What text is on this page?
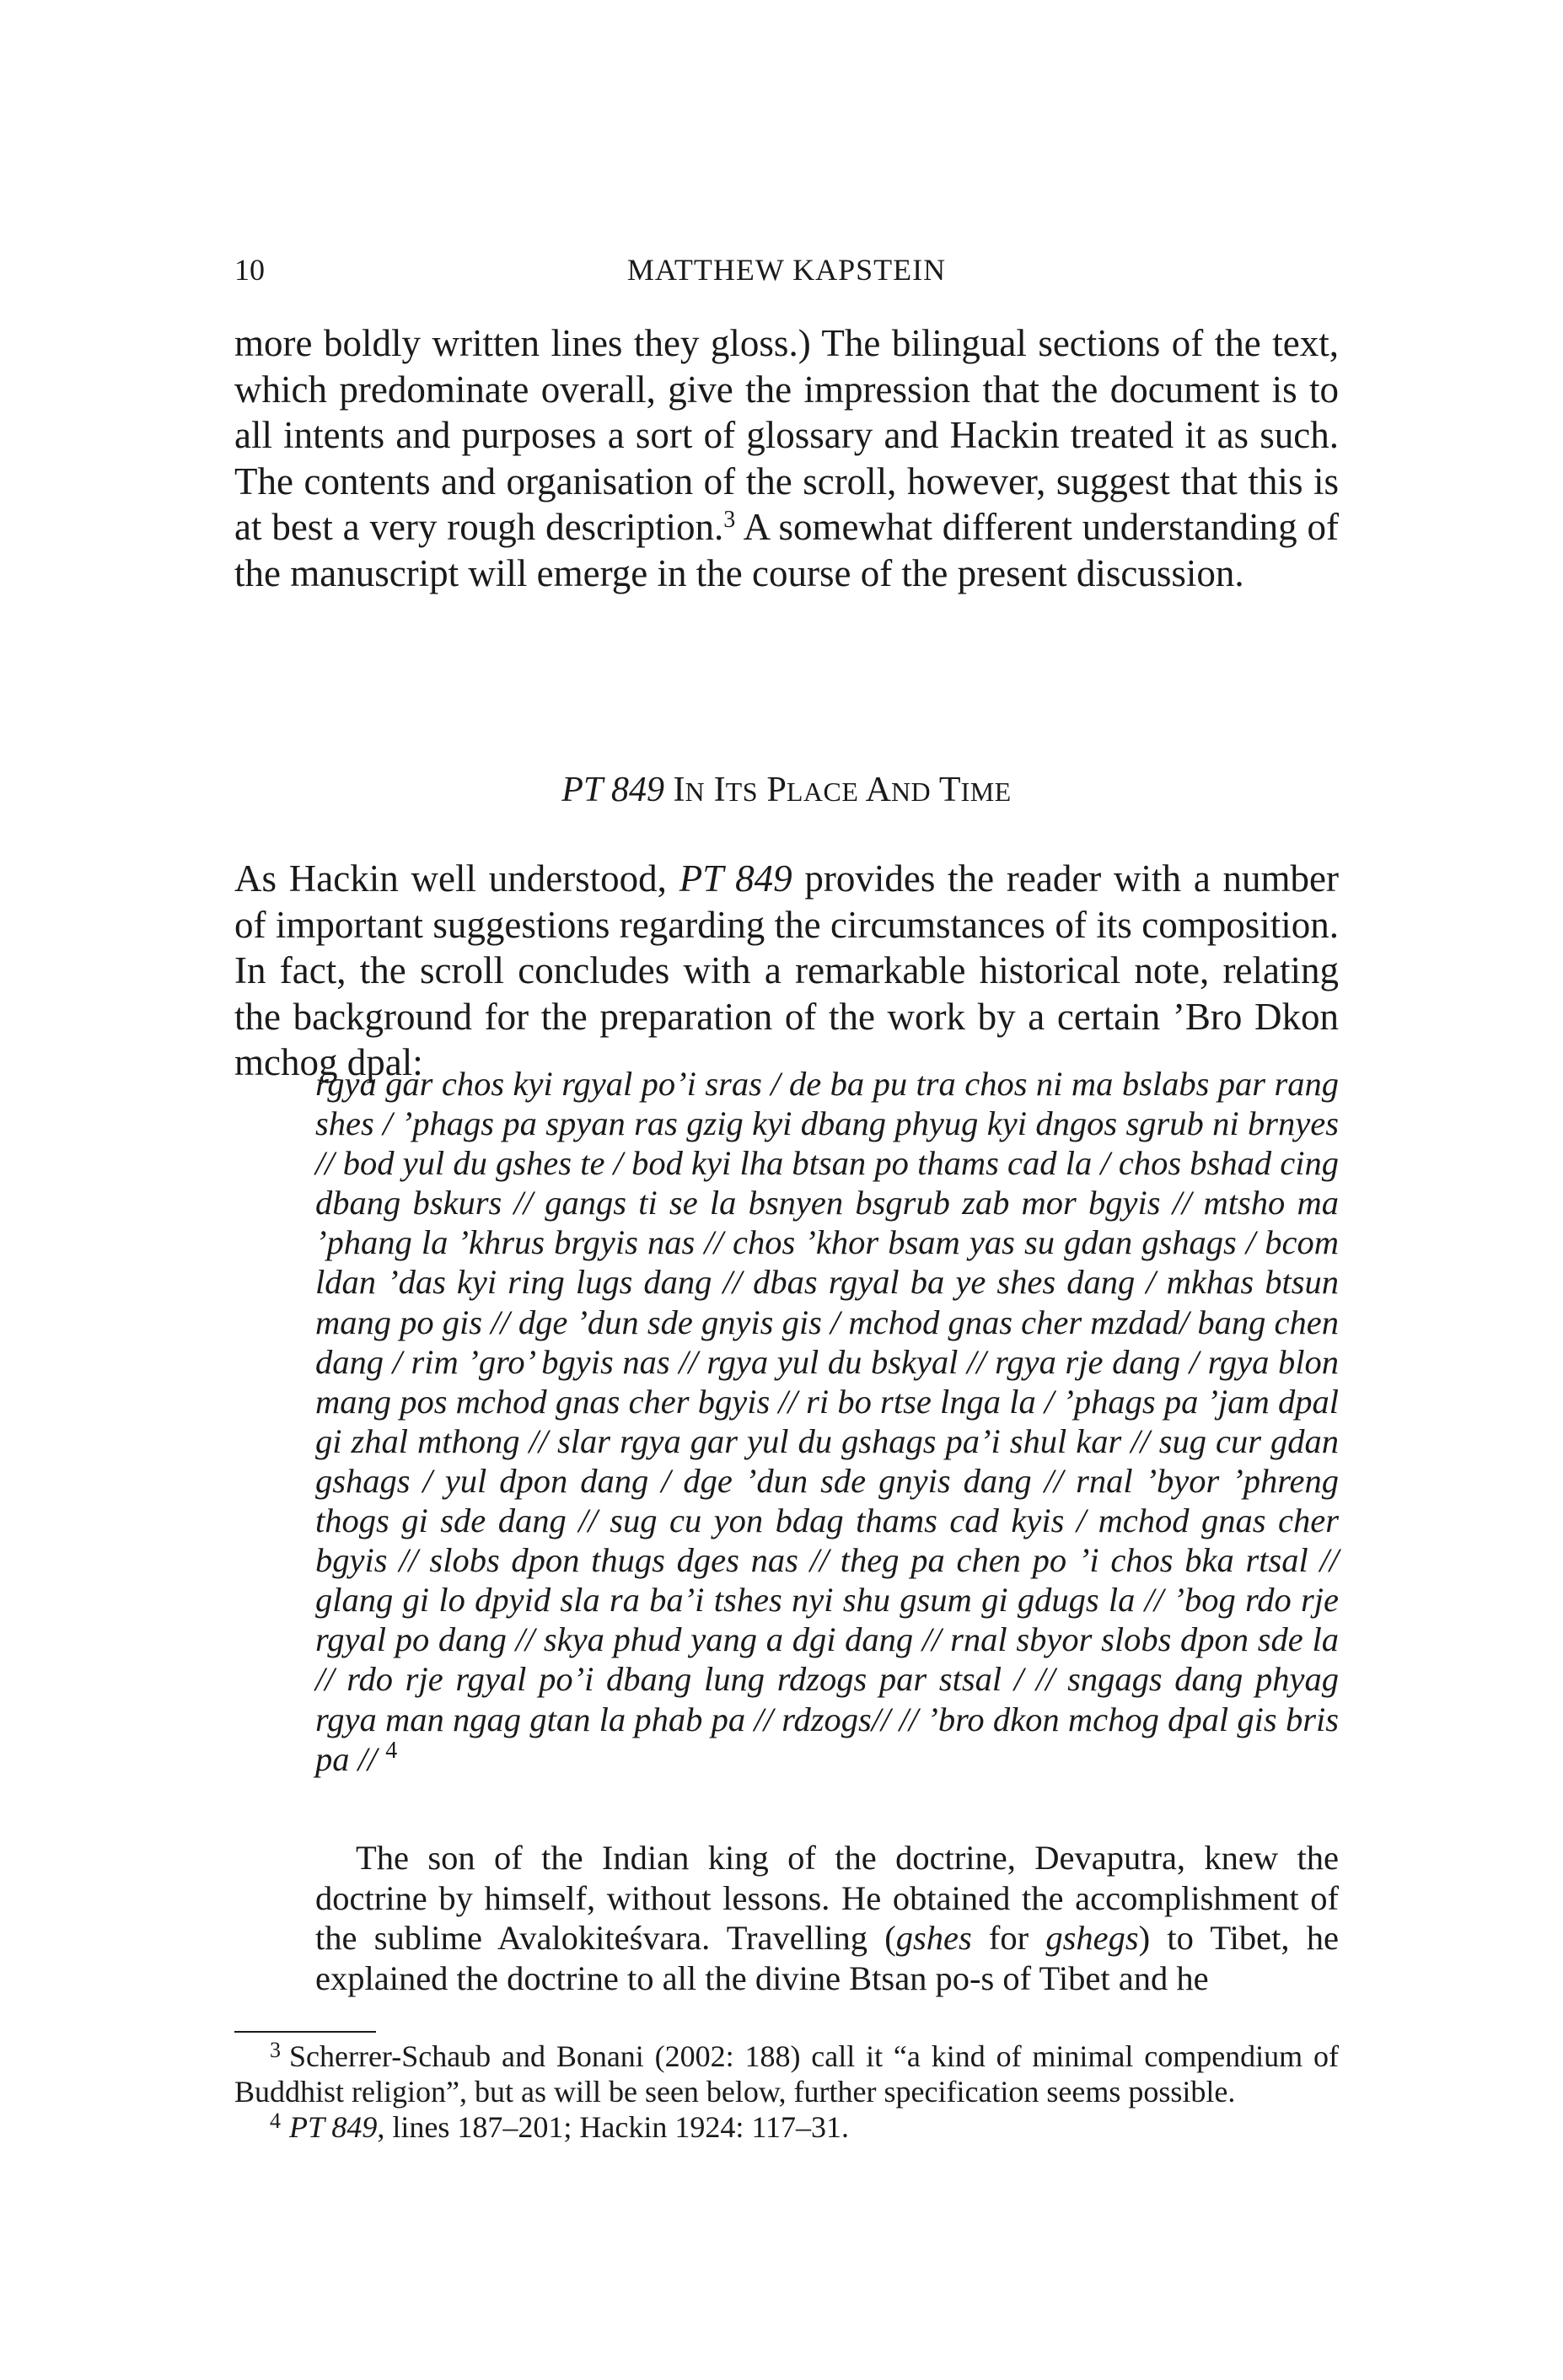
10	MATTHEW KAPSTEIN

more boldly written lines they gloss.) The bilingual sections of the text, which predominate overall, give the impression that the document is to all intents and purposes a sort of glossary and Hackin treated it as such. The contents and organisation of the scroll, however, suggest that this is at best a very rough description.$^3$ A somewhat different understanding of the manuscript will emerge in the course of the present discussion.

PT 849 IN ITS PLACE AND TIME

As Hackin well understood, PT 849 provides the reader with a number of important suggestions regarding the circumstances of its composition. In fact, the scroll concludes with a remarkable historical note, relating the background for the preparation of the work by a certain ’Bro Dkon mchog dpal:

rgya gar chos kyi rgyal po’i sras / de ba pu tra chos ni ma bslabs par rang shes / ’phags pa spyan ras gzig kyi dbang phyug kyi dngos sgrub ni brnyes // bod yul du gshes te / bod kyi lha btsan po thams cad la / chos bshad cing dbang bskurs // gangs ti se la bsnyen bsgrub zab mor bgyis // mtsho ma ’phang la ’khrus brgyis nas // chos ’khor bsam yas su gdan gshags / bcom ldan ’das kyi ring lugs dang // dbas rgyal ba ye shes dang / mkhas btsun mang po gis // dge ’dun sde gnyis gis / mchod gnas cher mzdad/ bang chen dang / rim ’gro’ bgyis nas // rgya yul du bskyal // rgya rje dang / rgya blon mang pos mchod gnas cher bgyis // ri bo rtse lnga la / ’phags pa ’jam dpal gi zhal mthong // slar rgya gar yul du gshags pa’i shul kar // sug cur gdan gshags / yul dpon dang / dge ’dun sde gnyis dang // rnal ’byor ’phreng thogs gi sde dang // sug cu yon bdag thams cad kyis / mchod gnas cher bgyis // slobs dpon thugs dges nas // theg pa chen po ’i chos bka rtsal // glang gi lo dpyid sla ra ba’i tshes nyi shu gsum gi gdugs la // ’bog rdo rje rgyal po dang // skya phud yang a dgi dang // rnal sbyor slobs dpon sde la // rdo rje rgyal po’i dbang lung rdzogs par stsal / // sngags dang phyag rgya man ngag gtan la phab pa // rdzogs// // ’bro dkon mchog dpal gis bris pa // $^4$

The son of the Indian king of the doctrine, Devaputra, knew the doctrine by himself, without lessons. He obtained the accomplishment of the sublime Avalokiteśvara. Travelling (gshes for gshegs) to Tibet, he explained the doctrine to all the divine Btsan po-s of Tibet and he

$^3$ Scherrer-Schaub and Bonani (2002: 188) call it “a kind of minimal compendium of Buddhist religion”, but as will be seen below, further specification seems possible.

$^4$ PT 849, lines 187–201; Hackin 1924: 117–31.
